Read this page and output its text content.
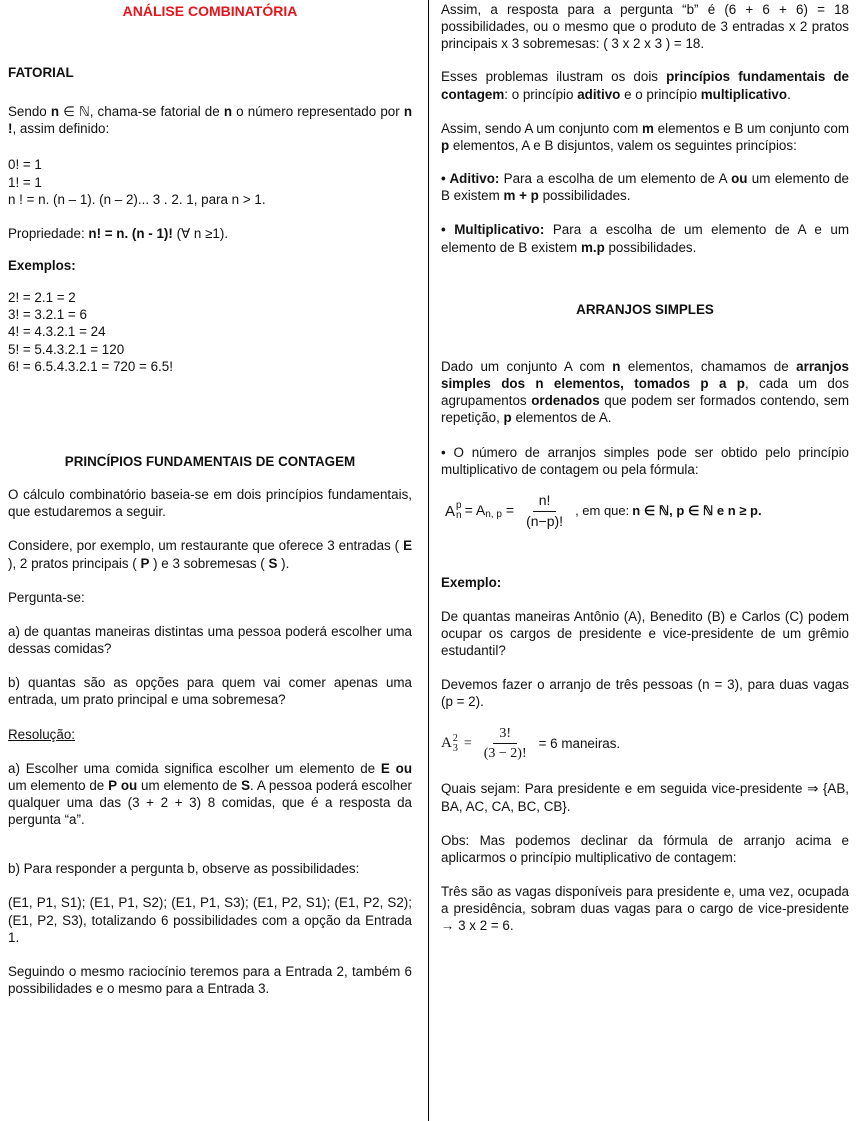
ANÁLISE COMBINATÓRIA
FATORIAL

Sendo n ∈ ℕ, chama-se fatorial de n o número representado por n !, assim definido:

0! = 1
1! = 1
n ! = n. (n – 1). (n – 2)... 3 . 2. 1, para n > 1.

Propriedade: n! = n. (n - 1)! (∀ n ≥1).

Exemplos:
2! = 2.1 = 2
3! = 3.2.1 = 6
4! = 4.3.2.1 = 24
5! = 5.4.3.2.1 = 120
6! = 6.5.4.3.2.1 = 720 = 6.5!
PRINCÍPIOS FUNDAMENTAIS DE CONTAGEM

O cálculo combinatório baseia-se em dois princípios fundamentais, que estudaremos a seguir.

Considere, por exemplo, um restaurante que oferece 3 entradas ( E ), 2 pratos principais ( P ) e 3 sobremesas ( S ).

Pergunta-se:

a) de quantas maneiras distintas uma pessoa poderá escolher uma dessas comidas?

b) quantas são as opções para quem vai comer apenas uma entrada, um prato principal e uma sobremesa?

Resolução:

a) Escolher uma comida significa escolher um elemento de E ou um elemento de P ou um elemento de S. A pessoa poderá escolher qualquer uma das (3 + 2 + 3) 8 comidas, que é a resposta da pergunta “a”.

b) Para responder a pergunta b, observe as possibilidades:

(E1, P1, S1); (E1, P1, S2); (E1, P1, S3); (E1, P2, S1); (E1, P2, S2); (E1, P2, S3), totalizando 6 possibilidades com a opção da Entrada 1.

Seguindo o mesmo raciocínio teremos para a Entrada 2, também 6 possibilidades e o mesmo para a Entrada 3.

Assim, a resposta para a pergunta “b” é (6 + 6 + 6) = 18 possibilidades, ou o mesmo que o produto de 3 entradas x 2 pratos principais x 3 sobremesas: ( 3 x 2 x 3 ) = 18.

Esses problemas ilustram os dois princípios fundamentais de contagem: o princípio aditivo e o princípio multiplicativo.

Assim, sendo A um conjunto com m elementos e B um conjunto com p elementos, A e B disjuntos, valem os seguintes princípios:

• Aditivo: Para a escolha de um elemento de A ou um elemento de B existem m + p possibilidades.

• Multiplicativo: Para a escolha de um elemento de A e um elemento de B existem m.p possibilidades.

ARRANJOS SIMPLES

Dado um conjunto A com n elementos, chamamos de arranjos simples dos n elementos, tomados p a p, cada um dos agrupamentos ordenados que podem ser formados contendo, sem repetição, p elementos de A.

• O número de arranjos simples pode ser obtido pelo princípio multiplicativo de contagem ou pela fórmula:

A p
n = A n, $p = \frac{n!}{(n-p)!}$ , em que: n ∈ ℕ, p ∈ ℕ e n ≥ p.
Exemplo:

De quantas maneiras Antônio (A), Benedito (B) e Carlos (C) podem ocupar os cargos de presidente e vice-presidente de um grêmio estudantil?

Devemos fazer o arranjo de três pessoas (n = 3), para duas vagas (p = 2).

A 2
$3 = \frac{3!}{(3 - 2)!} = 6$ maneiras.

Quais sejam: Para presidente e em seguida vice-presidente ⇒ {AB, BA, AC, CA, BC, CB}.

Obs: Mas podemos declinar da fórmula de arranjo acima e aplicarmos o princípio multiplicativo de contagem:

Três são as vagas disponíveis para presidente e, uma vez, ocupada a presidência, sobram duas vagas para o cargo de vice-presidente → 3 x 2 = 6.
